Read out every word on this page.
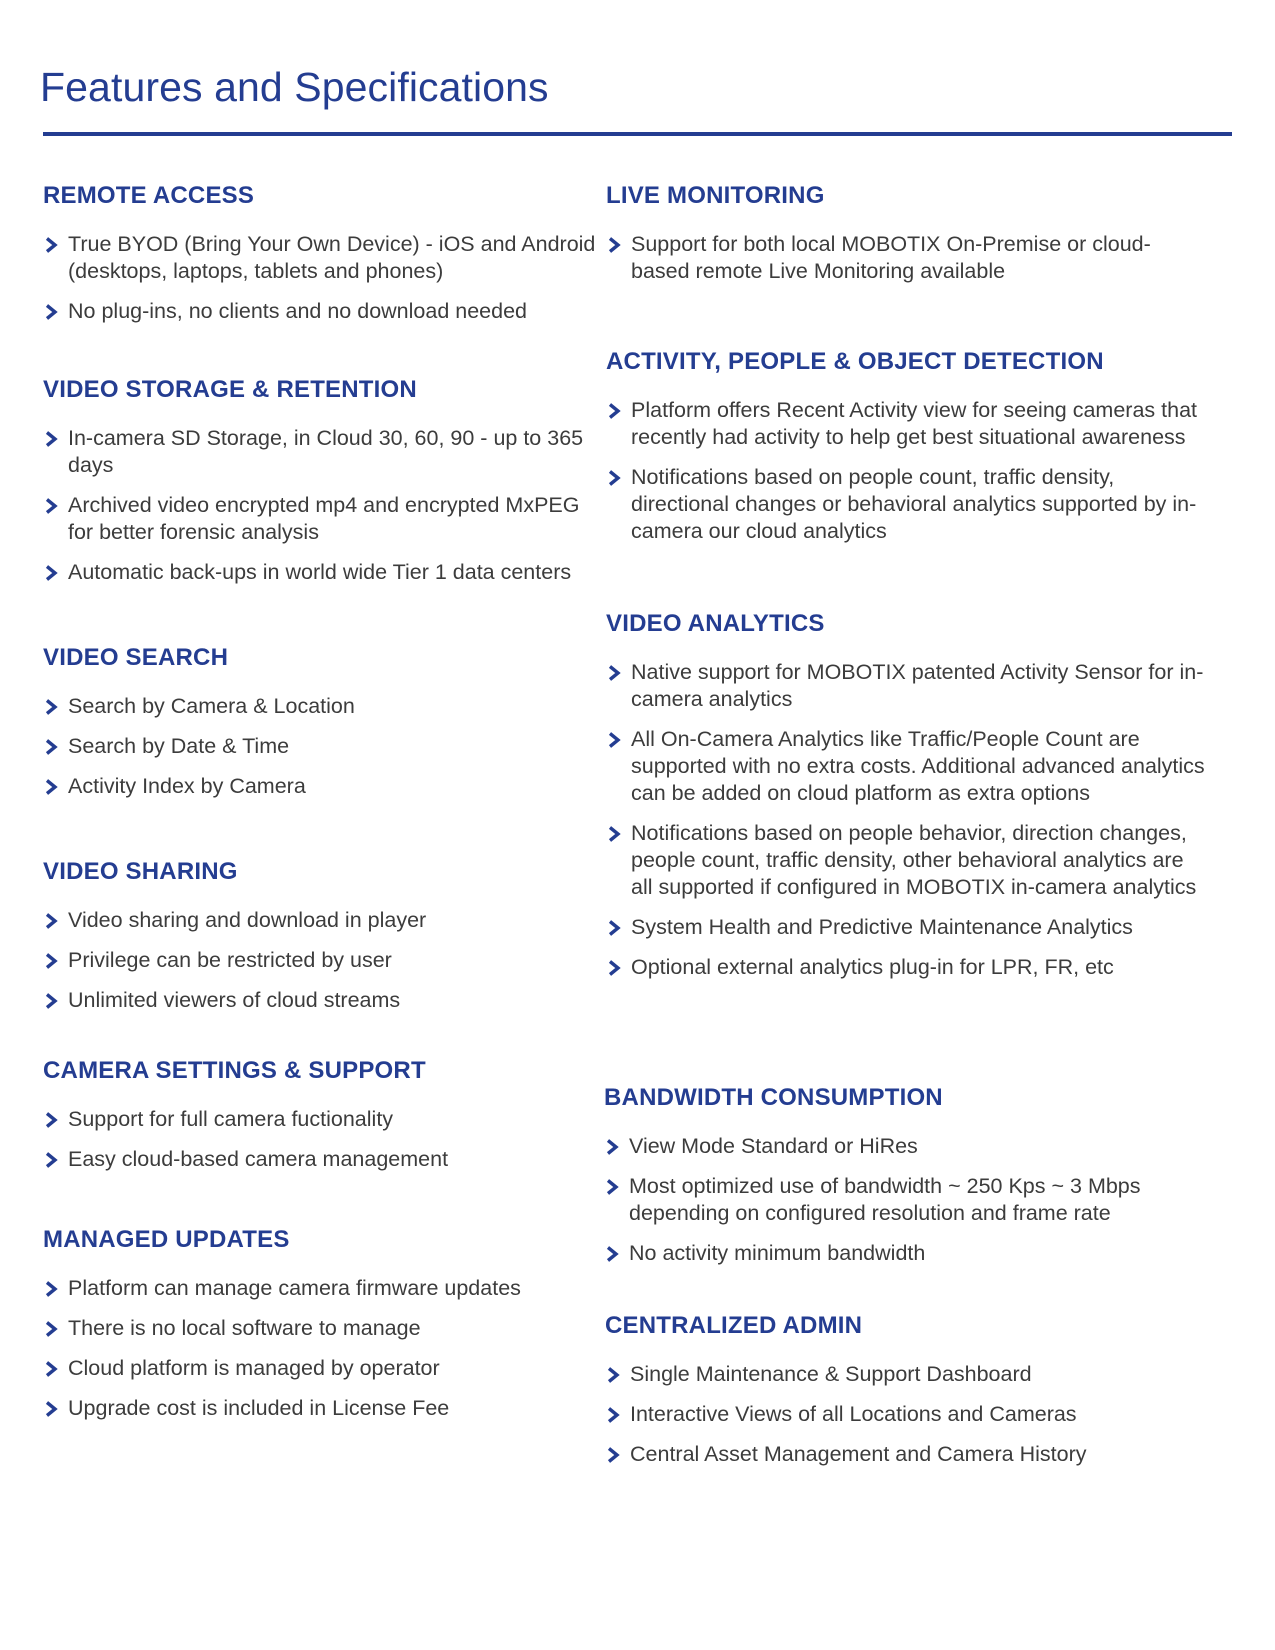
Features and Specifications
REMOTE ACCESS
True BYOD (Bring Your Own Device) - iOS and Android (desktops, laptops, tablets and phones)
No plug-ins, no clients and no download needed
VIDEO STORAGE & RETENTION
In-camera SD Storage, in Cloud 30, 60, 90 - up to 365 days
Archived video encrypted mp4 and encrypted MxPEG for better forensic analysis
Automatic back-ups in world wide Tier 1 data centers
VIDEO SEARCH
Search by Camera & Location
Search by Date & Time
Activity Index by Camera
VIDEO SHARING
Video sharing and download in player
Privilege can be restricted by user
Unlimited viewers of cloud streams
CAMERA SETTINGS & SUPPORT
Support for full camera fuctionality
Easy cloud-based camera management
MANAGED UPDATES
Platform can manage camera firmware updates
There is no local software to manage
Cloud platform is managed by operator
Upgrade cost is included in License Fee
LIVE MONITORING
Support for both local MOBOTIX On-Premise or cloud-based remote Live Monitoring available
ACTIVITY, PEOPLE & OBJECT DETECTION
Platform offers Recent Activity view for seeing cameras that recently had activity to help get best situational awareness
Notifications based on people count, traffic density, directional changes or behavioral analytics supported by in-camera our cloud analytics
VIDEO ANALYTICS
Native support for MOBOTIX patented Activity Sensor for in-camera analytics
All On-Camera Analytics like Traffic/People Count are supported with no extra costs. Additional advanced analytics can be added on cloud platform as extra options
Notifications based on people behavior, direction changes, people count, traffic density, other behavioral analytics are all supported if configured in MOBOTIX in-camera analytics
System Health and Predictive Maintenance Analytics
Optional external analytics plug-in for LPR, FR, etc
BANDWIDTH CONSUMPTION
View Mode Standard or HiRes
Most optimized use of bandwidth ~ 250 Kps ~ 3 Mbps depending on configured resolution and frame rate
No activity minimum bandwidth
CENTRALIZED ADMIN
Single Maintenance & Support Dashboard
Interactive Views of all Locations and Cameras
Central Asset Management and Camera History
